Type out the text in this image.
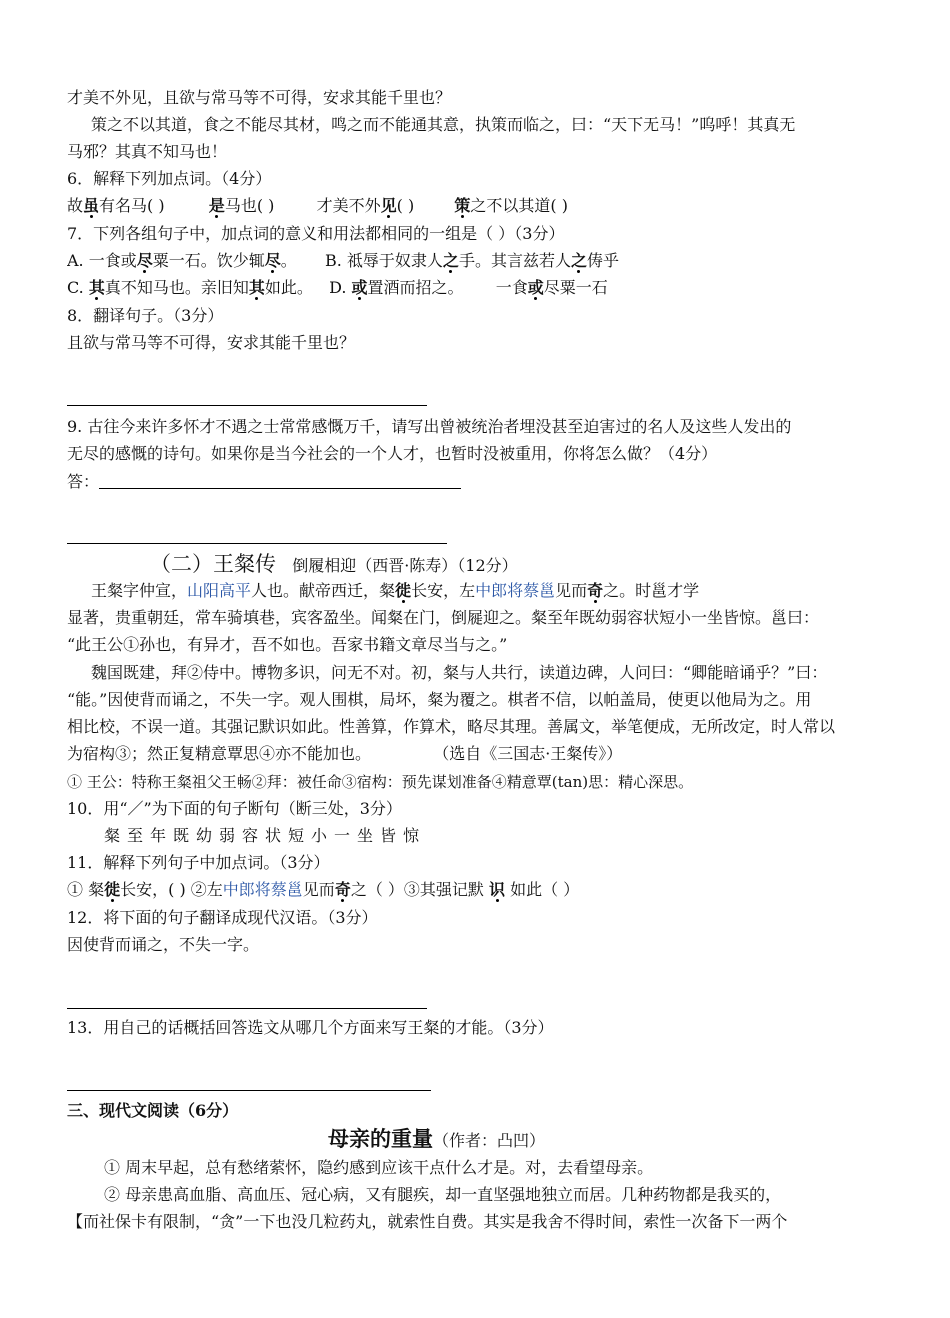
才美不外见，且欲与常马等不可得，安求其能千里也？
策之不以其道，食之不能尽其材，鸣之而不能通其意，执策而临之，曰：“天下无马！”呜呼！其真无
马邪？其真不知马也！
6．解释下列加点词。（4分）
故虽有名马( )	是马也( )	才美不外见( )	策之不以其道( )
7．下列各组句子中，加点词的意义和用法都相同的一组是（ ）（3分）
A. 一食或尽粟一石。饮少辄尽。 B. 祗辱于奴隶人之手。其言兹若人之俦乎
C. 其真不知马也。亲旧知其如此。 D. 或置酒而招之。 一食或尽粟一石
8．翻译句子。（3分）
且欲与常马等不可得，安求其能千里也？
9. 古往今来许多怀才不遇之士常常感慨万千，请写出曾被统治者埋没甚至迫害过的名人及这些人发出的
无尽的感慨的诗句。如果你是当今社会的一个人才，也暂时没被重用，你将怎么做？（4分）
答：
（二）王粲传 倒履相迎（西晋·陈寿）（12分）
王粲字仲宣，山阳高平人也。献帝西迁，粲徙长安，左中郎将蔡邕见而奇之。时邕才学
显著，贵重朝廷，常车骑填巷，宾客盈坐。闻粲在门，倒屣迎之。粲至年既幼弱容状短小一坐皆惊。邕曰：
“此王公①孙也，有异才，吾不如也。吾家书籍文章尽当与之。”
魏国既建，拜②侍中。博物多识，问无不对。初，粲与人共行，读道边碑，人问曰：“卿能暗诵乎？”曰：
“能。”因使背而诵之，不失一字。观人围棋，局坏，粲为覆之。棋者不信，以帕盖局，使更以他局为之。用
相比校，不误一道。其强记默识如此。性善算，作算术，略尽其理。善属文，举笔便成，无所改定，时人常以
为宿构③；然正复精意覃思④亦不能加也。	（选自《三国志·王粲传》）
① 王公：特称王粲祖父王畅②拜：被任命③宿构：预先谋划准备④精意覃(tan)思：精心深思。
10．用“／”为下面的句子断句（断三处，3分）
粲至年既幼弱容状短小一坐皆惊
11．解释下列句子中加点词。（3分）
① 粲徙长安，( ) ②左中郎将蔡邕见而奇之（ ）③其强记默 识 如此（ ）
12．将下面的句子翻译成现代汉语。（3分）
因使背而诵之，不失一字。
13．用自己的话概括回答选文从哪几个方面来写王粲的才能。（3分）
三、现代文阅读（6分）
母亲的重量（作者：凸凹）
① 周末早起，总有愁绪萦怀，隐约感到应该干点什么才是。对，去看望母亲。
② 母亲患高血脂、高血压、冠心病，又有腿疾，却一直坚强地独立而居。几种药物都是我买的，
【而社保卡有限制，“贪”一下也没几粒药丸，就索性自费。其实是我舍不得时间，索性一次备下一两个
